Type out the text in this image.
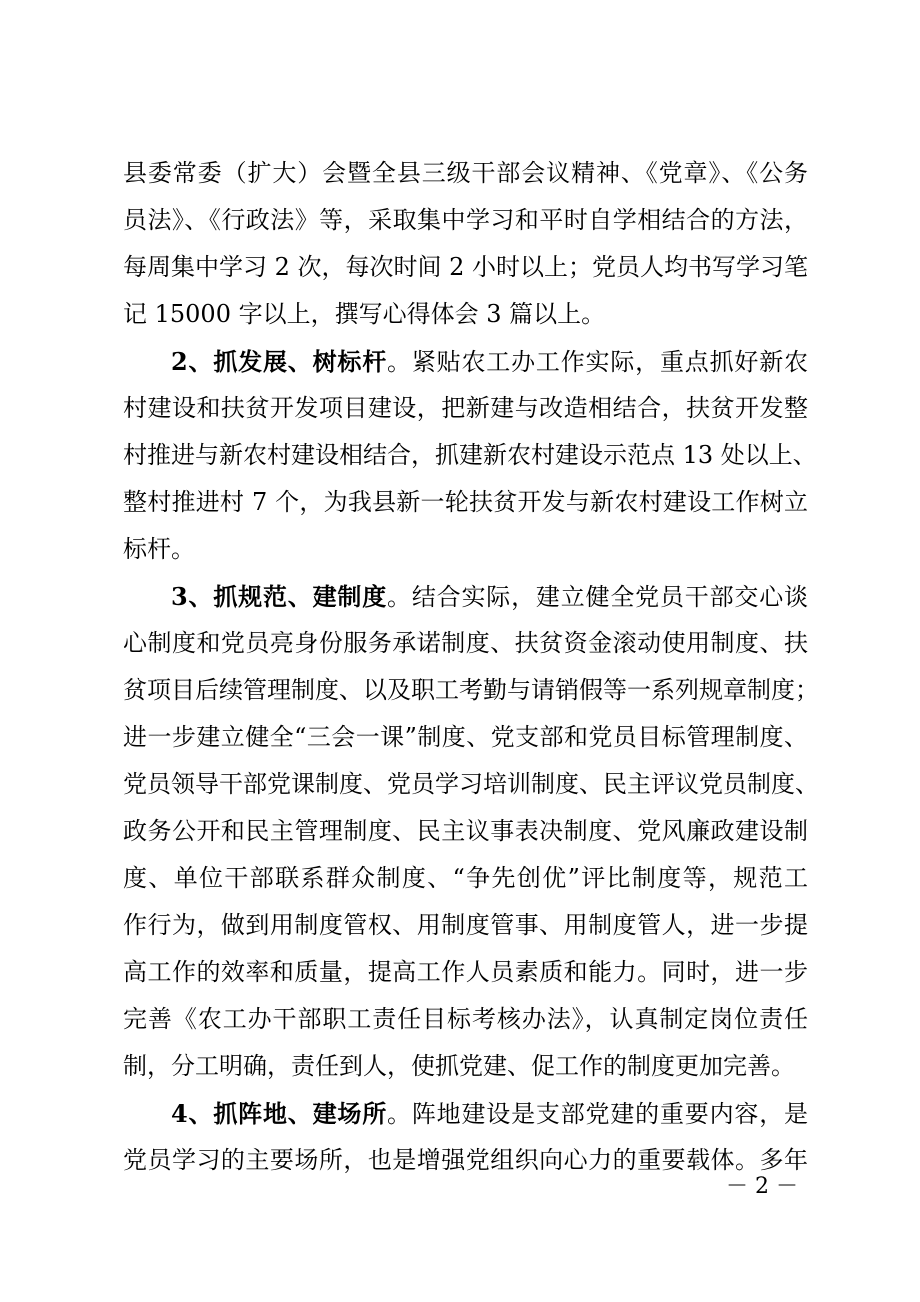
县委常委（扩大）会暨全县三级干部会议精神、《党章》、《公务
员法》、《行政法》等，采取集中学习和平时自学相结合的方法，
每周集中学习 2 次，每次时间 2 小时以上；党员人均书写学习笔
记 15000 字以上，撰写心得体会 3 篇以上。
2、抓发展、树标杆。紧贴农工办工作实际，重点抓好新农
村建设和扶贫开发项目建设，把新建与改造相结合，扶贫开发整
村推进与新农村建设相结合，抓建新农村建设示范点 13 处以上、
整村推进村 7 个，为我县新一轮扶贫开发与新农村建设工作树立
标杆。
3、抓规范、建制度。结合实际，建立健全党员干部交心谈
心制度和党员亮身份服务承诺制度、扶贫资金滚动使用制度、扶
贫项目后续管理制度、以及职工考勤与请销假等一系列规章制度；
进一步建立健全“三会一课”制度、党支部和党员目标管理制度、
党员领导干部党课制度、党员学习培训制度、民主评议党员制度、
政务公开和民主管理制度、民主议事表决制度、党风廉政建设制
度、单位干部联系群众制度、“争先创优”评比制度等，规范工
作行为，做到用制度管权、用制度管事、用制度管人，进一步提
高工作的效率和质量，提高工作人员素质和能力。同时，进一步
完善《农工办干部职工责任目标考核办法》，认真制定岗位责任
制，分工明确，责任到人，使抓党建、促工作的制度更加完善。
4、抓阵地、建场所。阵地建设是支部党建的重要内容，是
党员学习的主要场所，也是增强党组织向心力的重要载体。多年
－ 2 －
